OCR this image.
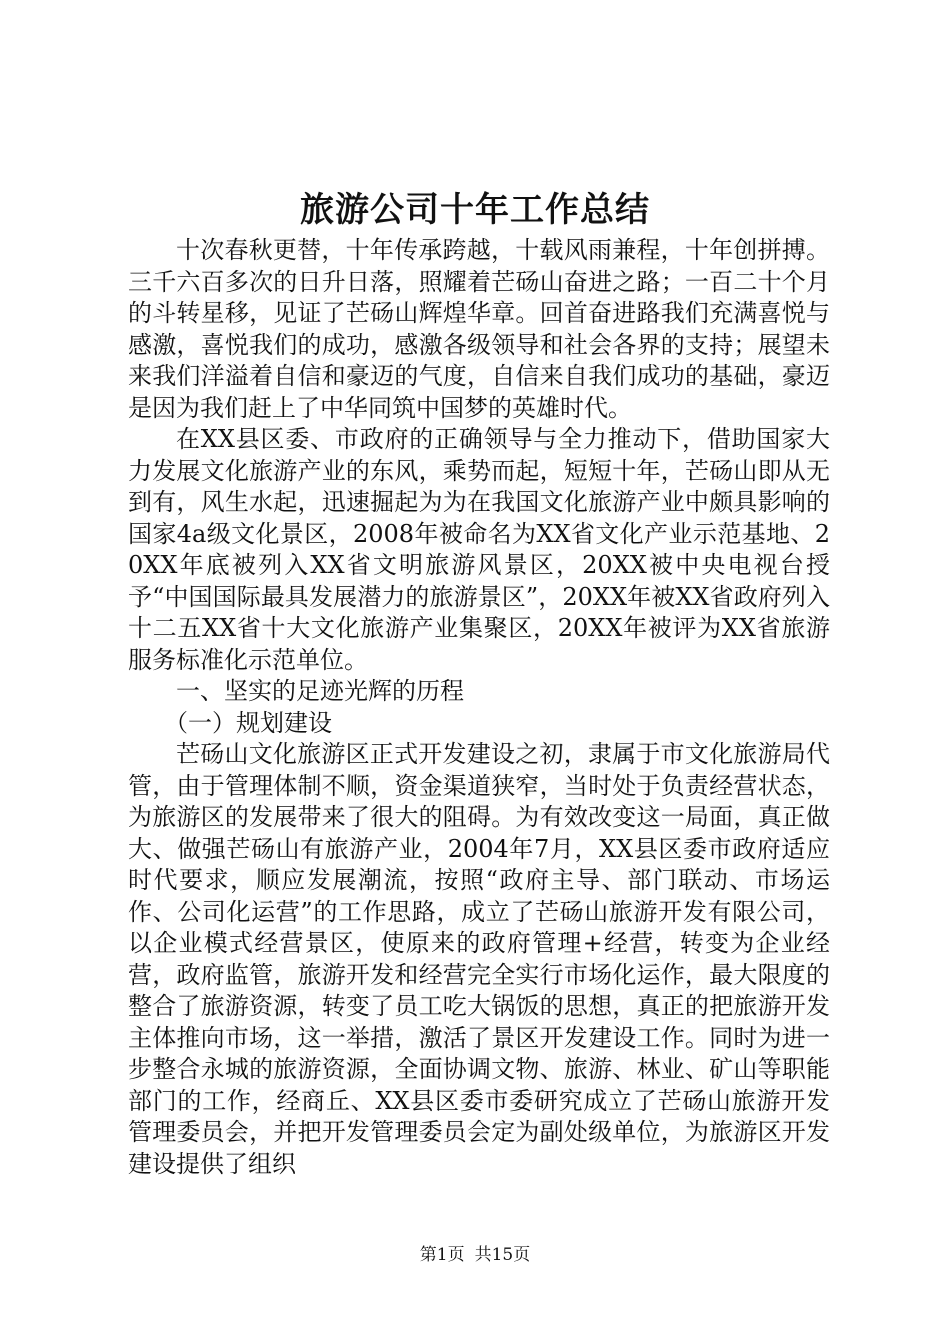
旅游公司十年工作总结

十次春秋更替，十年传承跨越，十载风雨兼程，十年创拼搏。三千六百多次的日升日落，照耀着芒砀山奋进之路；一百二十个月的斗转星移，见证了芒砀山辉煌华章。回首奋进路我们充满喜悦与感激，喜悦我们的成功，感激各级领导和社会各界的支持；展望未来我们洋溢着自信和豪迈的气度，自信来自我们成功的基础，豪迈是因为我们赶上了中华同筑中国梦的英雄时代。

在XX县区委、市政府的正确领导与全力推动下，借助国家大力发展文化旅游产业的东风，乘势而起，短短十年，芒砀山即从无到有，风生水起，迅速掘起为为在我国文化旅游产业中颇具影响的国家4a级文化景区，2008年被命名为XX省文化产业示范基地、20XX年底被列入XX省文明旅游风景区，20XX被中央电视台授予“中国国际最具发展潜力的旅游景区”，20XX年被XX省政府列入十二五XX省十大文化旅游产业集聚区，20XX年被评为XX省旅游服务标准化示范单位。

一、坚实的足迹光辉的历程

（一）规划建设

芒砀山文化旅游区正式开发建设之初，隶属于市文化旅游局代管，由于管理体制不顺，资金渠道狭窄，当时处于负责经营状态，为旅游区的发展带来了很大的阻碍。为有效改变这一局面，真正做大、做强芒砀山有旅游产业，2004年7月，XX县区委市政府适应时代要求，顺应发展潮流，按照“政府主导、部门联动、市场运作、公司化运营”的工作思路，成立了芒砀山旅游开发有限公司，以企业模式经营景区，使原来的政府管理+经营，转变为企业经营，政府监管，旅游开发和经营完全实行市场化运作，最大限度的整合了旅游资源，转变了员工吃大锅饭的思想，真正的把旅游开发主体推向市场，这一举措，激活了景区开发建设工作。同时为进一步整合永城的旅游资源，全面协调文物、旅游、林业、矿山等职能部门的工作，经商丘、XX县区委市委研究成立了芒砀山旅游开发管理委员会，并把开发管理委员会定为副处级单位，为旅游区开发建设提供了组织

第1页 共15页
